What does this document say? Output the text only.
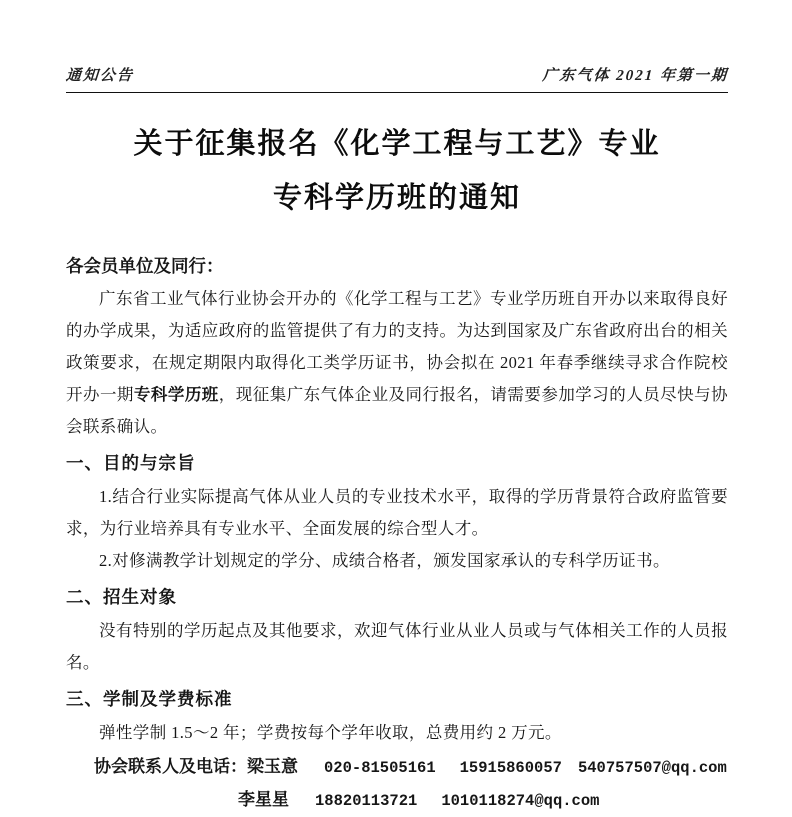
通知公告	广东气体 2021 年第一期
关于征集报名《化学工程与工艺》专业
专科学历班的通知
各会员单位及同行：

广东省工业气体行业协会开办的《化学工程与工艺》专业学历班自开办以来取得良好的办学成果，为适应政府的监管提供了有力的支持。为达到国家及广东省政府出台的相关政策要求，在规定期限内取得化工类学历证书，协会拟在 2021 年春季继续寻求合作院校开办一期专科学历班，现征集广东气体企业及同行报名，请需要参加学习的人员尽快与协会联系确认。

一、目的与宗旨

1.结合行业实际提高气体从业人员的专业技术水平，取得的学历背景符合政府监管要求，为行业培养具有专业水平、全面发展的综合型人才。

2.对修满教学计划规定的学分、成绩合格者，颁发国家承认的专科学历证书。

二、招生对象

没有特别的学历起点及其他要求，欢迎气体行业从业人员或与气体相关工作的人员报名。

三、学制及学费标准

弹性学制 1.5～2 年；学费按每个学年收取，总费用约 2 万元。

协会联系人及电话：梁玉意 020-81505161 15915860057 540757507@qq.com
李星星 18820113721 1010118274@qq.com
